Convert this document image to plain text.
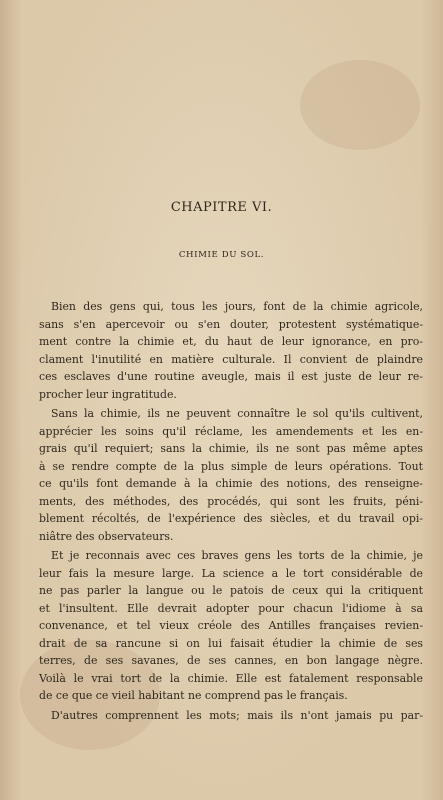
CHAPITRE VI.
CHIMIE DU SOL.
Bien des gens qui, tous les jours, font de la chimie agricole,
sans s'en apercevoir ou s'en douter, protestent systématique-
ment contre la chimie et, du haut de leur ignorance, en pro-
clament l'inutilité en matière culturale. Il convient de plaindre
ces esclaves d'une routine aveugle, mais il est juste de leur re-
procher leur ingratitude.
Sans la chimie, ils ne peuvent connaître le sol qu'ils cultivent,
apprécier les soins qu'il réclame, les amendements et les en-
grais qu'il requiert; sans la chimie, ils ne sont pas même aptes
à se rendre compte de la plus simple de leurs opérations. Tout
ce qu'ils font demande à la chimie des notions, des renseigne-
ments, des méthodes, des procédés, qui sont les fruits, péni-
blement récoltés, de l'expérience des siècles, et du travail opi-
niâtre des observateurs.
Et je reconnais avec ces braves gens les torts de la chimie, je
leur fais la mesure large. La science a le tort considérable de
ne pas parler la langue ou le patois de ceux qui la critiquent
et l'insultent. Elle devrait adopter pour chacun l'idiome à sa
convenance, et tel vieux créole des Antilles françaises revien-
drait de sa rancune si on lui faisait étudier la chimie de ses
terres, de ses savanes, de ses cannes, en bon langage nègre.
Voilà le vrai tort de la chimie. Elle est fatalement responsable
de ce que ce vieil habitant ne comprend pas le français.
D'autres comprennent les mots; mais ils n'ont jamais pu par-
